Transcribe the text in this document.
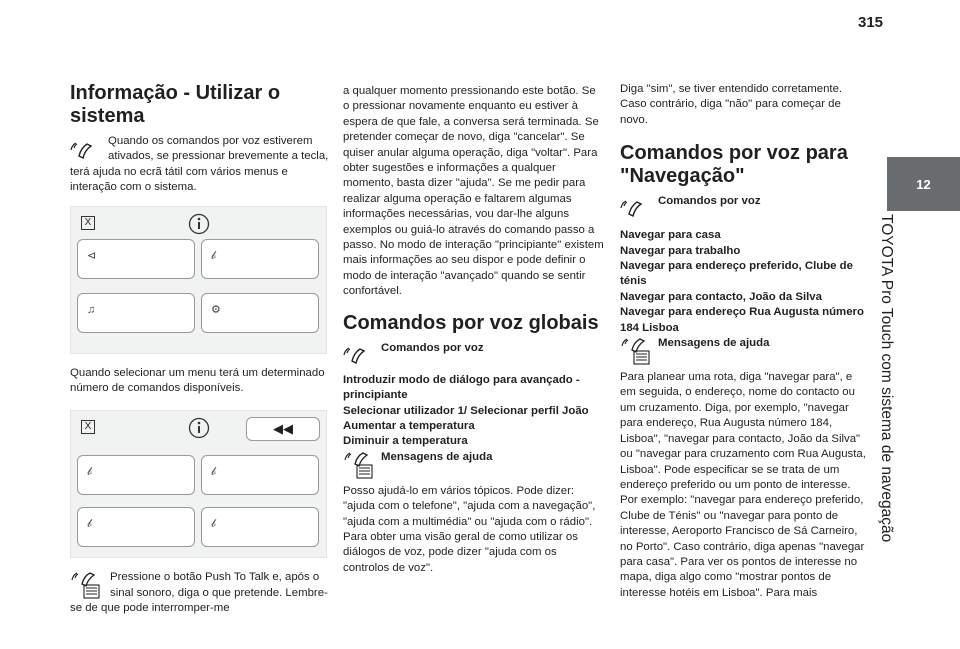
315
12
TOYOTA Pro Touch com sistema de navegação
Informação - Utilizar o sistema

Quando os comandos por voz estiverem ativados, se pressionar brevemente a tecla, terá ajuda no ecrã tátil com vários menus e interação com o sistema.

X
⊲	𝒷
♫	⚙

Quando selecionar um menu terá um determinado número de comandos disponíveis.

X	◀◀
𝒷	𝒷
𝒷	𝒷

Pressione o botão Push To Talk e, após o sinal sonoro, diga o que pretende. Lembre-se de que pode interromper-me

a qualquer momento pressionando este botão. Se o pressionar novamente enquanto eu estiver à espera de que fale, a conversa será terminada. Se pretender começar de novo, diga "cancelar". Se quiser anular alguma operação, diga "voltar". Para obter sugestões e informações a qualquer momento, basta dizer "ajuda". Se me pedir para realizar alguma operação e faltarem algumas informações necessárias, vou dar-lhe alguns exemplos ou guiá-lo através do comando passo a passo. No modo de interação "principiante" existem mais informações ao seu dispor e pode definir o modo de interação "avançado" quando se sentir confortável.

Comandos por voz globais
Comandos por voz

Introduzir modo de diálogo para avançado - principiante

Selecionar utilizador 1/ Selecionar perfil João

Aumentar a temperatura

Diminuir a temperatura

Mensagens de ajuda

Posso ajudá-lo em vários tópicos. Pode dizer: "ajuda com o telefone", "ajuda com a navegação", "ajuda com a multimédia" ou "ajuda com o rádio". Para obter uma visão geral de como utilizar os diálogos de voz, pode dizer "ajuda com os controlos de voz".

Diga "sim", se tiver entendido corretamente. Caso contrário, diga "não" para começar de novo.

Comandos por voz para "Navegação"
Comandos por voz

Navegar para casa

Navegar para trabalho

Navegar para endereço preferido, Clube de ténis

Navegar para contacto, João da Silva

Navegar para endereço Rua Augusta número 184 Lisboa

Mensagens de ajuda

Para planear uma rota, diga "navegar para", e em seguida, o endereço, nome do contacto ou um cruzamento. Diga, por exemplo, "navegar para endereço, Rua Augusta número 184, Lisboa", "navegar para contacto, João da Silva" ou "navegar para cruzamento com Rua Augusta, Lisboa". Pode especificar se se trata de um endereço preferido ou um ponto de interesse. Por exemplo: "navegar para endereço preferido, Clube de Ténis" ou "navegar para ponto de interesse, Aeroporto Francisco de Sá Carneiro, no Porto". Caso contrário, diga apenas "navegar para casa". Para ver os pontos de interesse no mapa, diga algo como "mostrar pontos de interesse hotéis em Lisboa". Para mais
